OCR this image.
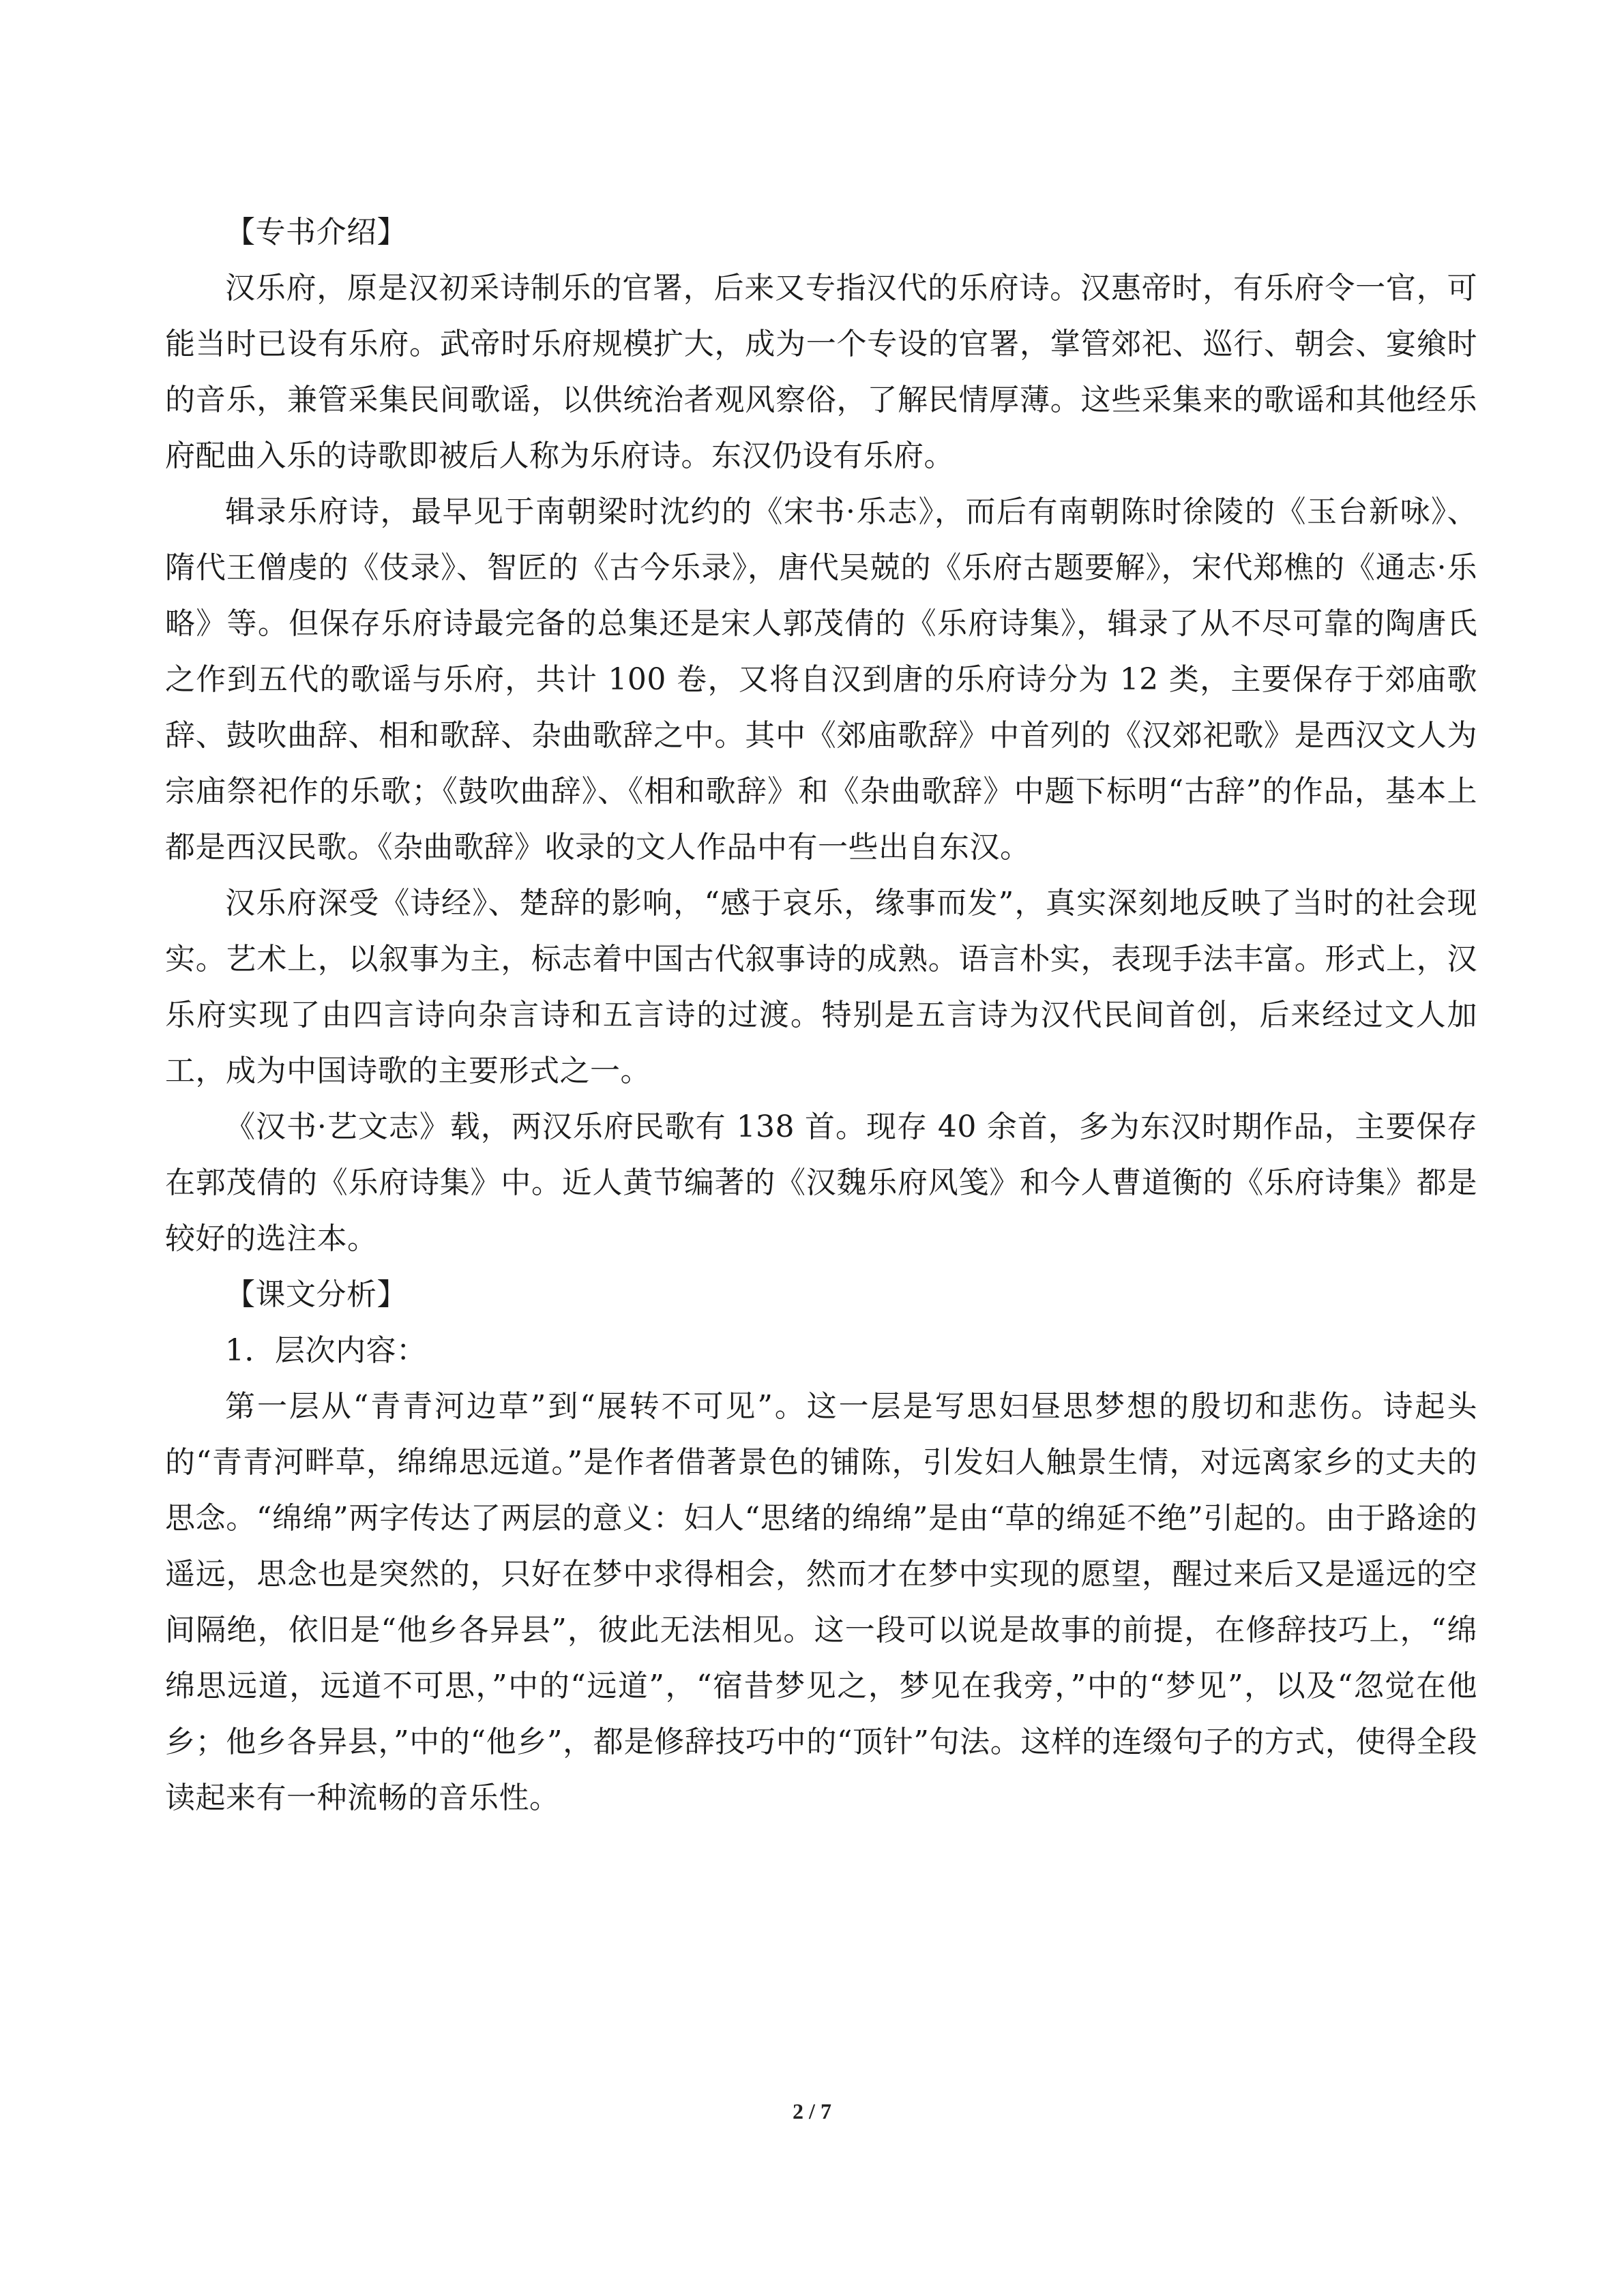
【专书介绍】

汉乐府，原是汉初采诗制乐的官署，后来又专指汉代的乐府诗。汉惠帝时，有乐府令一官，可能当时已设有乐府。武帝时乐府规模扩大，成为一个专设的官署，掌管郊祀、巡行、朝会、宴飨时的音乐，兼管采集民间歌谣，以供统治者观风察俗，了解民情厚薄。这些采集来的歌谣和其他经乐府配曲入乐的诗歌即被后人称为乐府诗。东汉仍设有乐府。

辑录乐府诗，最早见于南朝梁时沈约的《宋书·乐志》，而后有南朝陈时徐陵的《玉台新咏》、隋代王僧虔的《伎录》、智匠的《古今乐录》，唐代吴兢的《乐府古题要解》，宋代郑樵的《通志·乐略》等。但保存乐府诗最完备的总集还是宋人郭茂倩的《乐府诗集》，辑录了从不尽可靠的陶唐氏之作到五代的歌谣与乐府，共计 100 卷，又将自汉到唐的乐府诗分为 12 类，主要保存于郊庙歌辞、鼓吹曲辞、相和歌辞、杂曲歌辞之中。其中《郊庙歌辞》中首列的《汉郊祀歌》是西汉文人为宗庙祭祀作的乐歌；《鼓吹曲辞》、《相和歌辞》和《杂曲歌辞》中题下标明“古辞”的作品，基本上都是西汉民歌。《杂曲歌辞》收录的文人作品中有一些出自东汉。

汉乐府深受《诗经》、楚辞的影响，“感于哀乐，缘事而发”，真实深刻地反映了当时的社会现实。艺术上，以叙事为主，标志着中国古代叙事诗的成熟。语言朴实，表现手法丰富。形式上，汉乐府实现了由四言诗向杂言诗和五言诗的过渡。特别是五言诗为汉代民间首创，后来经过文人加工，成为中国诗歌的主要形式之一。

《汉书·艺文志》载，两汉乐府民歌有 138 首。现存 40 余首，多为东汉时期作品，主要保存在郭茂倩的《乐府诗集》中。近人黄节编著的《汉魏乐府风笺》和今人曹道衡的《乐府诗集》都是较好的选注本。

【课文分析】

1．层次内容：

第一层从“青青河边草”到“展转不可见”。这一层是写思妇昼思梦想的殷切和悲伤。诗起头的“青青河畔草，绵绵思远道。”是作者借著景色的铺陈，引发妇人触景生情，对远离家乡的丈夫的思念。“绵绵”两字传达了两层的意义：妇人“思绪的绵绵”是由“草的绵延不绝”引起的。由于路途的遥远，思念也是突然的，只好在梦中求得相会，然而才在梦中实现的愿望，醒过来后又是遥远的空间隔绝，依旧是“他乡各异县”，彼此无法相见。这一段可以说是故事的前提，在修辞技巧上，“绵绵思远道，远道不可思，”中的“远道”，“宿昔梦见之，梦见在我旁，”中的“梦见”，以及“忽觉在他乡；他乡各异县，”中的“他乡”，都是修辞技巧中的“顶针”句法。这样的连缀句子的方式，使得全段读起来有一种流畅的音乐性。

2 / 7
